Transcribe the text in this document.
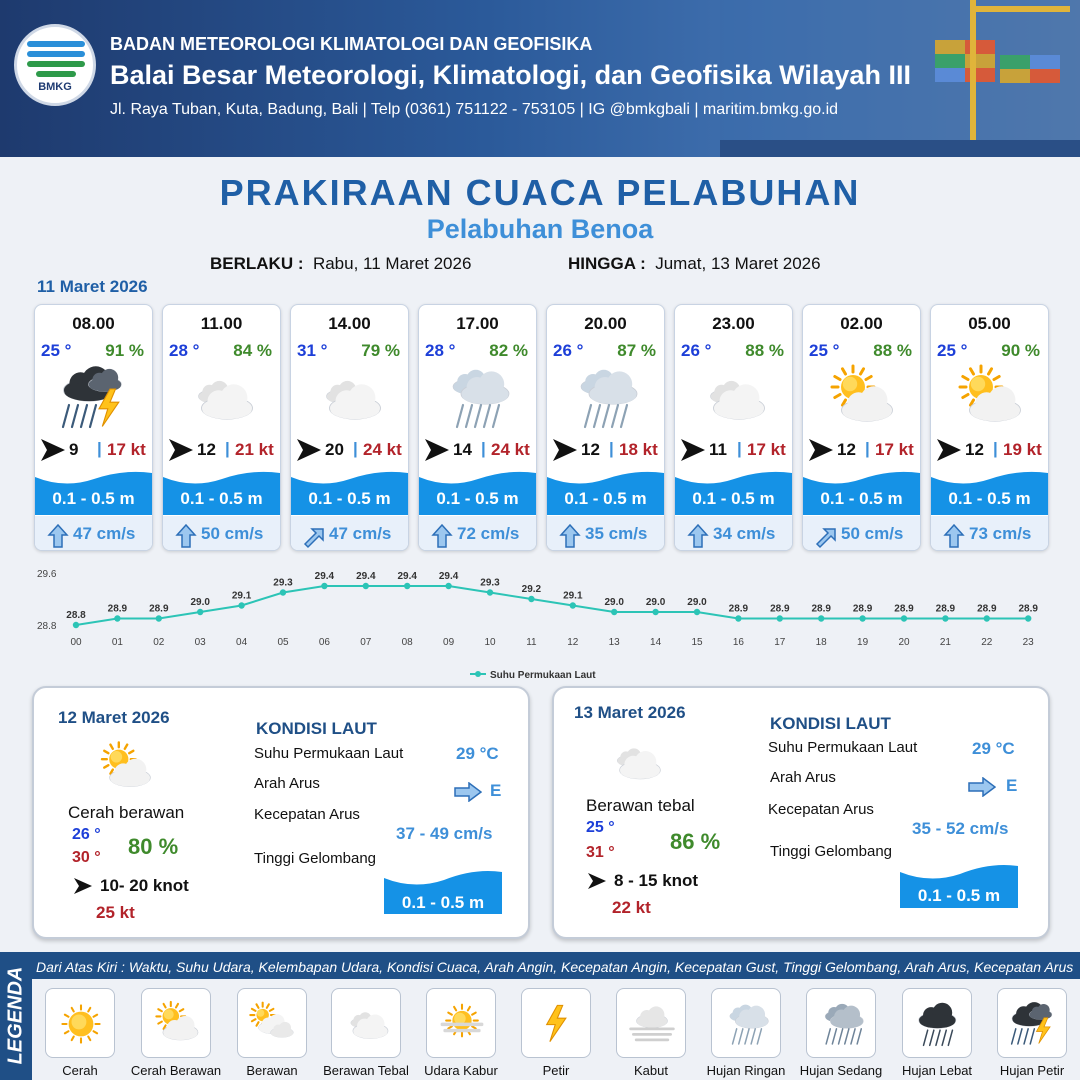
BMKG
BADAN METEOROLOGI KLIMATOLOGI DAN GEOFISIKA
Balai Besar Meteorologi, Klimatologi, dan Geofisika Wilayah III
Jl. Raya Tuban, Kuta, Badung, Bali | Telp (0361) 751122 - 753105 | IG @bmkgbali | maritim.bmkg.go.id
PRAKIRAAN CUACA PELABUHAN
Pelabuhan Benoa
BERLAKU : Rabu, 11 Maret 2026	HINGGA : Jumat, 13 Maret 2026
11 Maret 2026
08.00
25 ° 91 %
9 | 17 kt
0.1 - 0.5 m
47 cm/s
11.00
28 ° 84 %
12 | 21 kt
0.1 - 0.5 m
50 cm/s
14.00
31 ° 79 %
20 | 24 kt
0.1 - 0.5 m
47 cm/s
17.00
28 ° 82 %
14 | 24 kt
0.1 - 0.5 m
72 cm/s
20.00
26 ° 87 %
12 | 18 kt
0.1 - 0.5 m
35 cm/s
23.00
26 ° 88 %
11 | 17 kt
0.1 - 0.5 m
34 cm/s
02.00
25 ° 88 %
12 | 17 kt
0.1 - 0.5 m
50 cm/s
05.00
25 ° 90 %
12 | 19 kt
0.1 - 0.5 m
73 cm/s
29.6
28.8
28.8
00
28.9
01
28.9
02
29.0
03
29.1
04
29.3
05
29.4
06
29.4
07
29.4
08
29.4
09
29.3
10
29.2
11
29.1
12
29.0
13
29.0
14
29.0
15
28.9
16
28.9
17
28.9
18
28.9
19
28.9
20
28.9
21
28.9
22
28.9
23
Suhu Permukaan Laut
12 Maret 2026
Cerah berawan
26 °
30 ° 80 %
10- 20 knot
25 kt
KONDISI LAUT
Suhu Permukaan Laut	29 °C
Arah Arus	E
Kecepatan Arus
37 - 49 cm/s
Tinggi Gelombang
0.1 - 0.5 m
13 Maret 2026
Berawan tebal
25 °
31 °	86 %
8 - 15 knot
22 kt
KONDISI LAUT
Suhu Permukaan Laut	29 °C
Arah Arus	E
Kecepatan Arus
35 - 52 cm/s
Tinggi Gelombang
0.1 - 0.5 m
LEGENDA Dari Atas Kiri : Waktu, Suhu Udara, Kelembapan Udara, Kondisi Cuaca, Arah Angin, Kecepatan Angin, Kecepatan Gust, Tinggi Gelombang, Arah Arus, Kecepatan Arus
Cerah	Cerah Berawan	Berawan	Berawan Tebal	Udara Kabur	Petir	Kabut	Hujan Ringan	Hujan Sedang	Hujan Lebat	Hujan Petir
